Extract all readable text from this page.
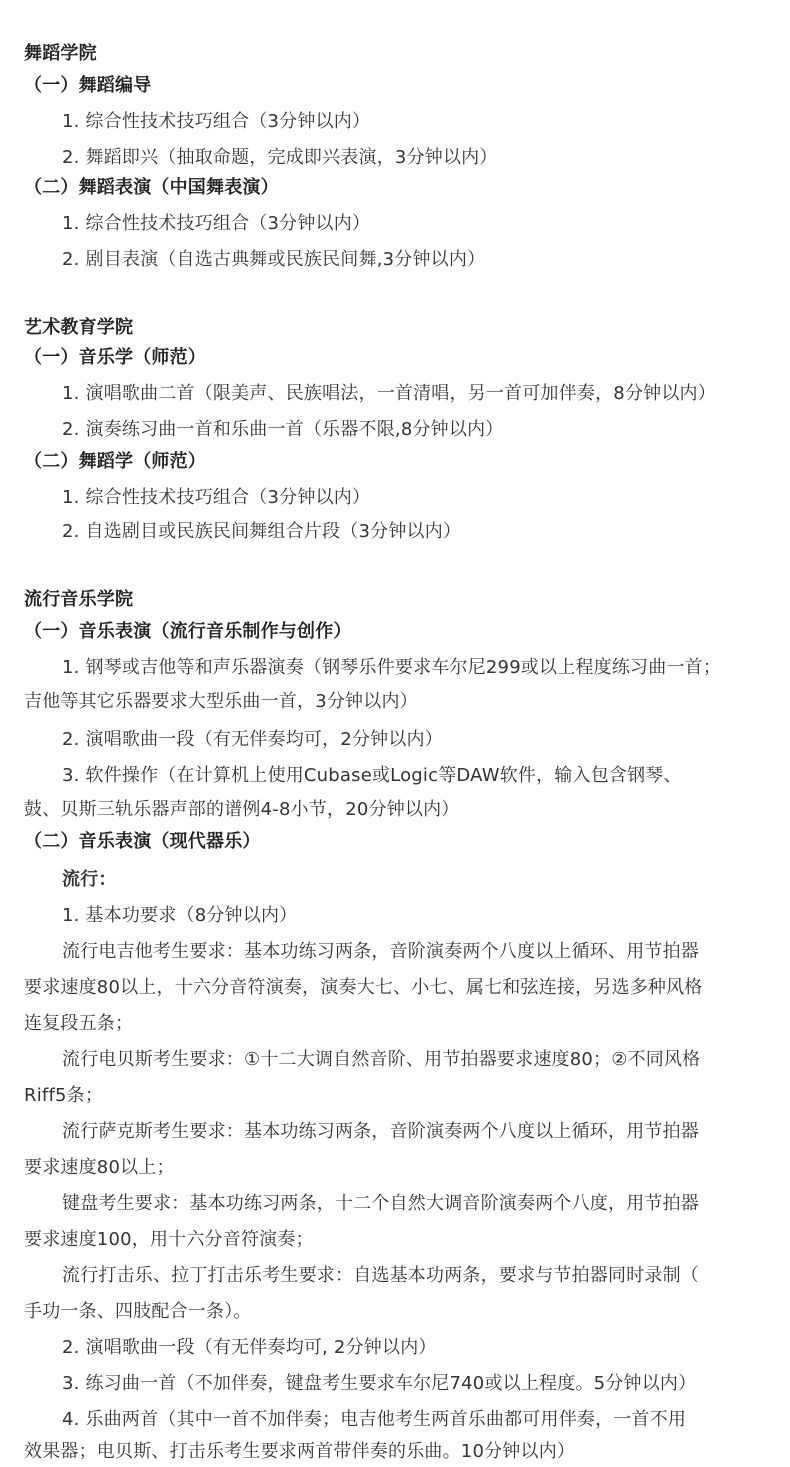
舞蹈学院
（一）舞蹈编导
1. 综合性技术技巧组合（3分钟以内）
2. 舞蹈即兴（抽取命题，完成即兴表演，3分钟以内）
（二）舞蹈表演（中国舞表演）
1. 综合性技术技巧组合（3分钟以内）
2. 剧目表演（自选古典舞或民族民间舞,3分钟以内）
艺术教育学院
（一）音乐学（师范）
1. 演唱歌曲二首（限美声、民族唱法，一首清唱，另一首可加伴奏，8分钟以内）
2. 演奏练习曲一首和乐曲一首（乐器不限,8分钟以内）
（二）舞蹈学（师范）
1. 综合性技术技巧组合（3分钟以内）
2. 自选剧目或民族民间舞组合片段（3分钟以内）
流行音乐学院
（一）音乐表演（流行音乐制作与创作）
1. 钢琴或吉他等和声乐器演奏（钢琴乐件要求车尔尼299或以上程度练习曲一首；
吉他等其它乐器要求大型乐曲一首，3分钟以内）
2. 演唱歌曲一段（有无伴奏均可，2分钟以内）
3. 软件操作（在计算机上使用Cubase或Logic等DAW软件，输入包含钢琴、
鼓、贝斯三轨乐器声部的谱例4-8小节，20分钟以内）
（二）音乐表演（现代器乐）
流行：
1. 基本功要求（8分钟以内）
流行电吉他考生要求：基本功练习两条，音阶演奏两个八度以上循环、用节拍器
要求速度80以上，十六分音符演奏，演奏大七、小七、属七和弦连接，另选多种风格
连复段五条；
流行电贝斯考生要求：①十二大调自然音阶、用节拍器要求速度80；②不同风格
Riff5条；
流行萨克斯考生要求：基本功练习两条，音阶演奏两个八度以上循环，用节拍器
要求速度80以上；
键盘考生要求：基本功练习两条，十二个自然大调音阶演奏两个八度，用节拍器
要求速度100，用十六分音符演奏；
流行打击乐、拉丁打击乐考生要求：自选基本功两条，要求与节拍器同时录制（
手功一条、四肢配合一条）。
2. 演唱歌曲一段（有无伴奏均可, 2分钟以内）
3. 练习曲一首（不加伴奏，键盘考生要求车尔尼740或以上程度。5分钟以内）
4. 乐曲两首（其中一首不加伴奏；电吉他考生两首乐曲都可用伴奏，一首不用
效果器；电贝斯、打击乐考生要求两首带伴奏的乐曲。10分钟以内）
